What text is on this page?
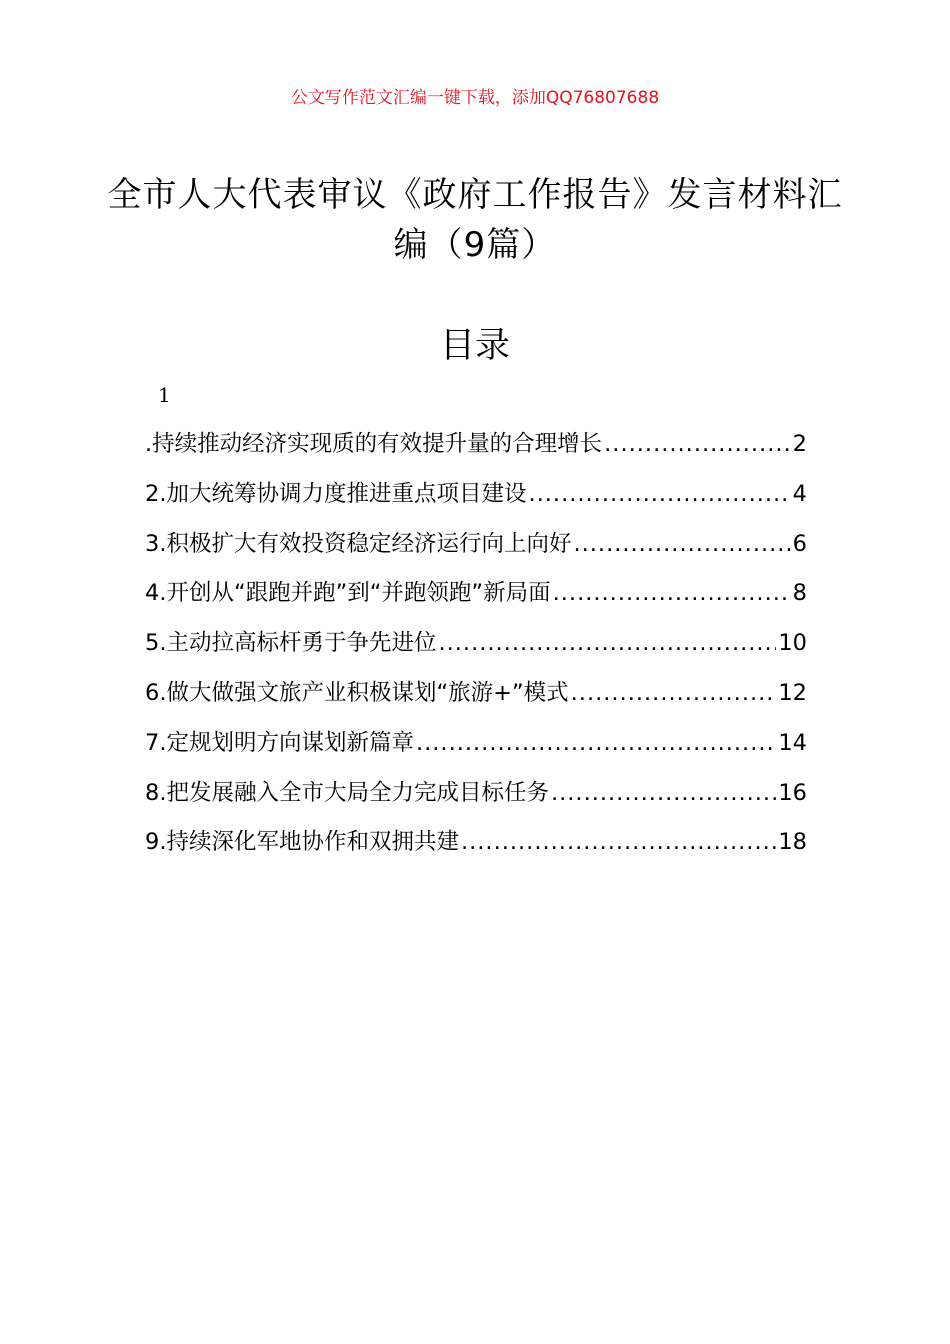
公文写作范文汇编一键下载，添加QQ76807688
全市人大代表审议《政府工作报告》发言材料汇编（9篇）
目录
1
.持续推动经济实现质的有效提升量的合理增长 .....	2
2.加大统筹协调力度推进重点项目建设 .....	4
3.积极扩大有效投资稳定经济运行向上向好 .....	6
4.开创从“跟跑并跑”到“并跑领跑”新局面 .....	8
5.主动拉高标杆勇于争先进位 .....	10
6.做大做强文旅产业积极谋划“旅游+”模式 .....	12
7.定规划明方向谋划新篇章 .....	14
8.把发展融入全市大局全力完成目标任务 .....	16
9.持续深化军地协作和双拥共建 .....	18
